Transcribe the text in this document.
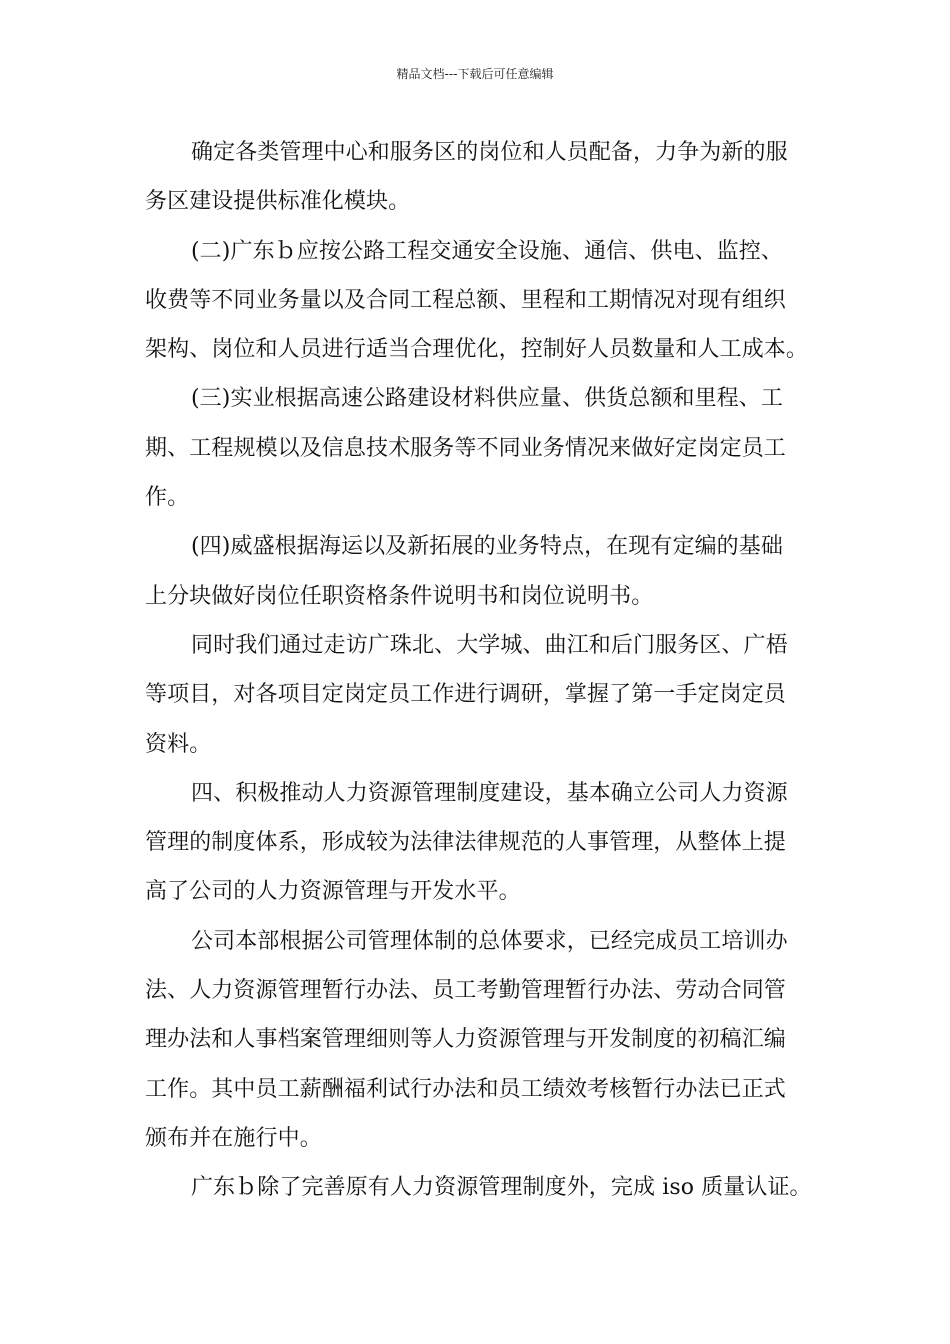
精品文档---下载后可任意编辑
确定各类管理中心和服务区的岗位和人员配备，力争为新的服
务区建设提供标准化模块。
(二)广东ｂ应按公路工程交通安全设施、通信、供电、监控、
收费等不同业务量以及合同工程总额、里程和工期情况对现有组织
架构、岗位和人员进行适当合理优化，控制好人员数量和人工成本。
(三)实业根据高速公路建设材料供应量、供货总额和里程、工
期、工程规模以及信息技术服务等不同业务情况来做好定岗定员工
作。
(四)威盛根据海运以及新拓展的业务特点，在现有定编的基础
上分块做好岗位任职资格条件说明书和岗位说明书。
同时我们通过走访广珠北、大学城、曲江和后门服务区、广梧
等项目，对各项目定岗定员工作进行调研，掌握了第一手定岗定员
资料。
四、积极推动人力资源管理制度建设，基本确立公司人力资源
管理的制度体系，形成较为法律法律规范的人事管理，从整体上提
高了公司的人力资源管理与开发水平。
公司本部根据公司管理体制的总体要求，已经完成员工培训办
法、人力资源管理暂行办法、员工考勤管理暂行办法、劳动合同管
理办法和人事档案管理细则等人力资源管理与开发制度的初稿汇编
工作。其中员工薪酬福利试行办法和员工绩效考核暂行办法已正式
颁布并在施行中。
广东ｂ除了完善原有人力资源管理制度外，完成 iso 质量认证。
